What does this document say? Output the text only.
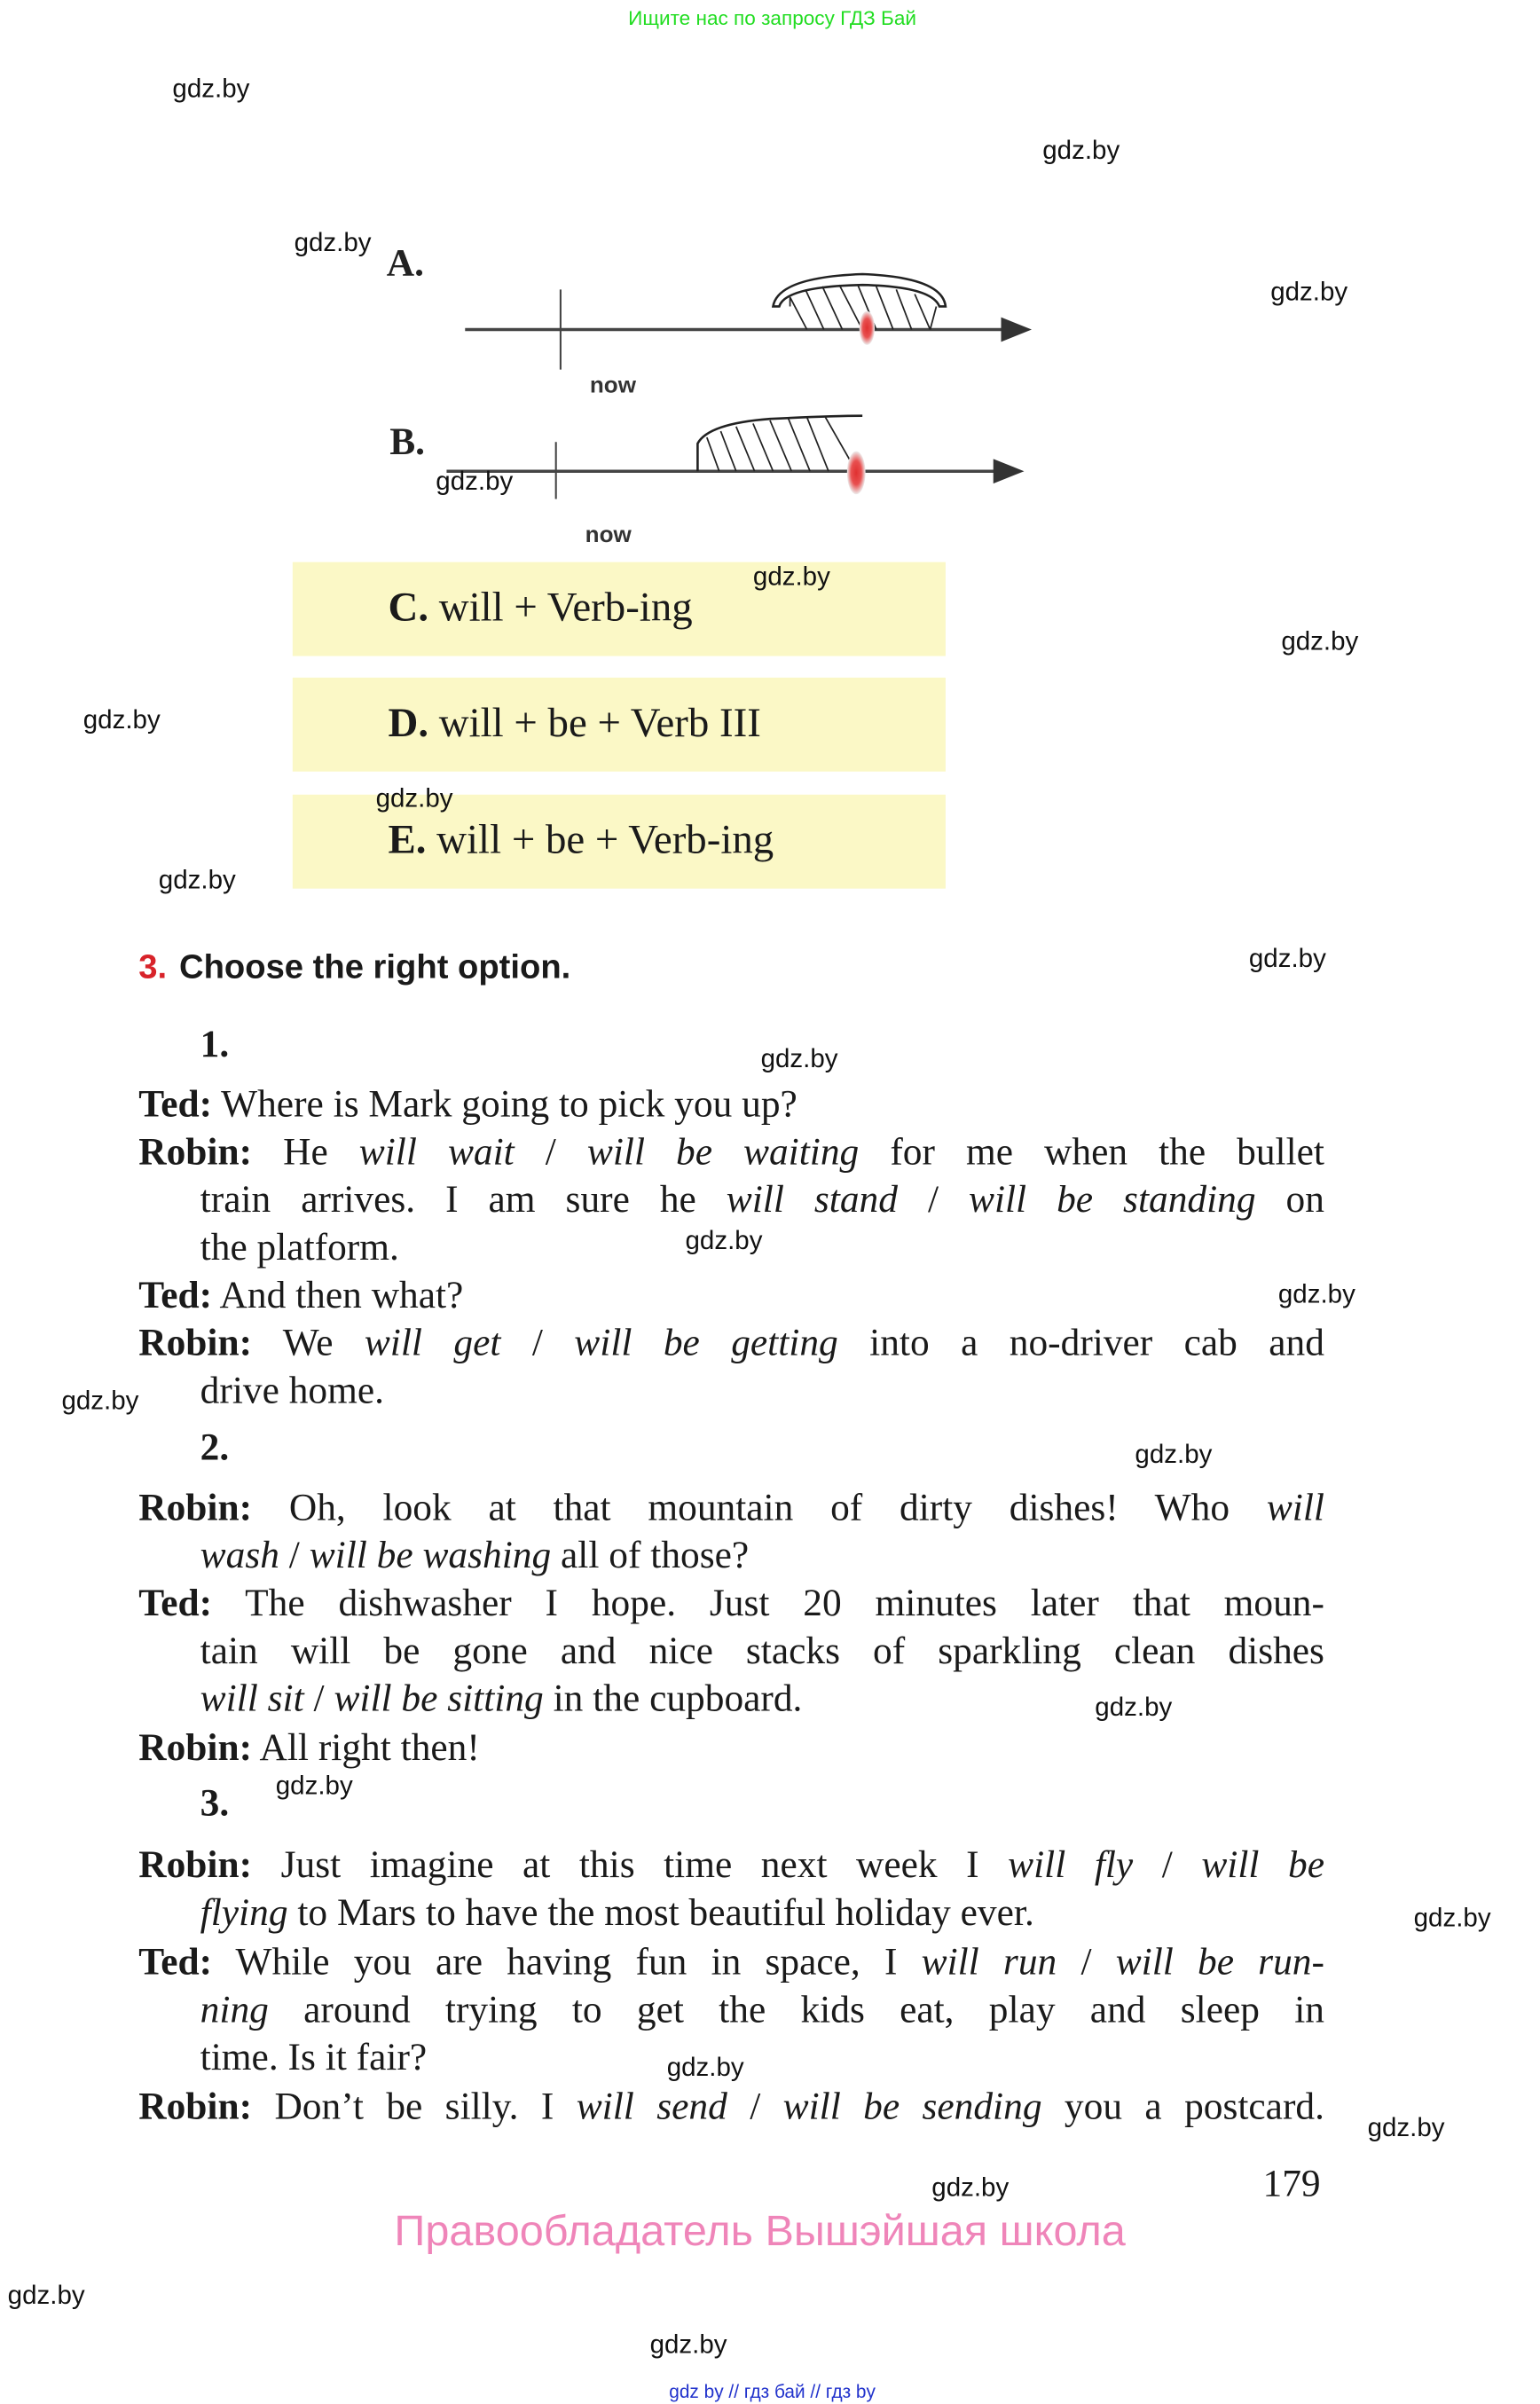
Ищите нас по запросу ГДЗ Бай
A.
now
B.
now
C. will + Verb-ing
D. will + be + Verb III
E. will + be + Verb-ing
3. Choose the right option.
1.
Ted: Where is Mark going to pick you up?
Robin: He will wait / will be waiting for me when the bullet
train arrives. I am sure he will stand / will be standing on
the platform.
Ted: And then what?
Robin: We will get / will be getting into a no-driver cab and
drive home.
2.
Robin: Oh, look at that mountain of dirty dishes! Who will
wash / will be washing all of those?
Ted: The dishwasher I hope. Just 20 minutes later that moun-
tain will be gone and nice stacks of sparkling clean dishes
will sit / will be sitting in the cupboard.
Robin: All right then!
3.
Robin: Just imagine at this time next week I will fly / will be
flying to Mars to have the most beautiful holiday ever.
Ted: While you are having fun in space, I will run / will be run-
ning around trying to get the kids eat, play and sleep in
time. Is it fair?
Robin: Don’t be silly. I will send / will be sending you a postcard.
179
Правообладатель Вышэйшая школа
gdz by // гдз бай // гдз by
gdz.by
gdz.by
gdz.by
gdz.by
gdz.by
gdz.by
gdz.by
gdz.by
gdz.by
gdz.by
gdz.by
gdz.by
gdz.by
gdz.by
gdz.by
gdz.by
gdz.by
gdz.by
gdz.by
gdz.by
gdz.by
gdz.by
gdz.by
gdz.by
